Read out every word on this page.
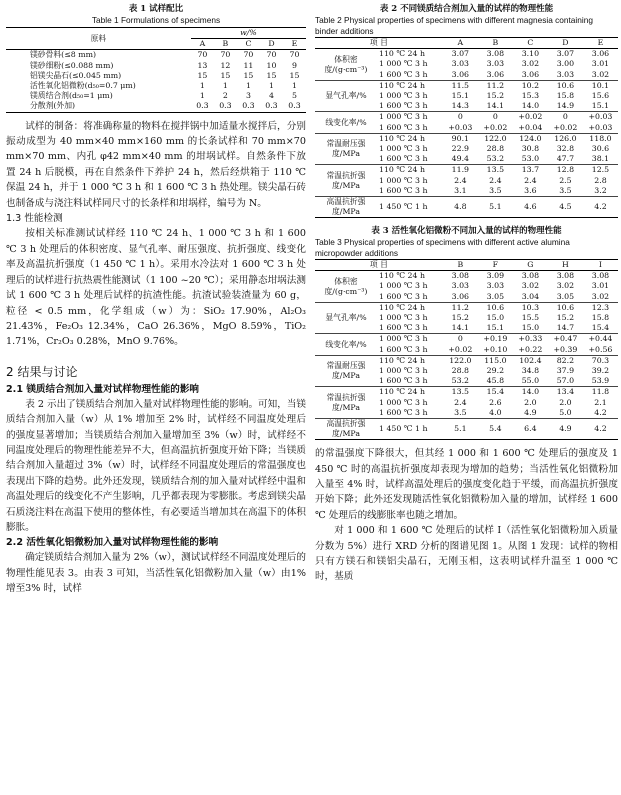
表 1 试样配比
Table 1 Formulations of specimens
原料	w/%				
	A	B	C	D	E
镁砂骨料(≤8 mm)	70	70	70	70	70
镁砂细粉(≤0.088 mm)	13	12	11	10	9
铝镁尖晶石(≤0.045 mm)	15	15	15	15	15
活性氧化铝微粉(d₅₀=0.7 μm)	1	1	1	1	1
镁质结合剂(d₅₀=1 μm)	1	2	3	4	5
分散剂(外加)	0.3	0.3	0.3	0.3	0.3

试样的制备：将准确称量的物料在搅拌锅中加适量水搅拌后，分别振动成型为 40 mm×40 mm×160 mm 的长条试样和 70 mm×70 mm×70 mm、内孔 φ42 mm×40 mm 的坩埚试样。自然条件下放置 24 h 后脱模，再在自然条件下养护 24 h，然后经烘箱于 110 ℃ 保温 24 h，并于 1 000 ℃ 3 h 和 1 600 ℃ 3 h 热处理。镁尖晶石砖也制备成与浇注料试样同尺寸的长条样和坩埚样，编号为 N。

1.3 性能检测

按相关标准测试试样经 110 ℃ 24 h、1 000 ℃ 3 h 和 1 600 ℃ 3 h 处理后的体积密度、显气孔率、耐压强度、抗折强度、线变化率及高温抗折强度（1 450 ℃ 1 h）。采用水冷法对 1 600 ℃ 3 h 处理后的试样进行抗热震性能测试（1 100 ~20 ℃）；采用静态坩埚法测试 1 600 ℃ 3 h 处理后试样的抗渣性能。抗渣试验装渣量为 60 g，粒径 < 0.5 mm，化学组成（w）为：SiO₂ 17.90%，Al₂O₃ 21.43%，Fe₂O₃ 12.34%，CaO 26.36%，MgO 8.59%，TiO₂ 1.71%，Cr₂O₃ 0.28%，MnO 9.76%。

2 结果与讨论

2.1 镁质结合剂加入量对试样物理性能的影响

表 2 示出了镁质结合剂加入量对试样物理性能的影响。可知，当镁质结合剂加入量（w）从 1% 增加至 2% 时，试样经不同温度处理后的强度显著增加；当镁质结合剂加入量增加至 3%（w）时，试样经不同温度处理后的物理性能差异不大，但高温抗折强度开始下降；当镁质结合剂加入量超过 3%（w）时，试样经不同温度处理后的常温强度也表现出下降的趋势。此外还发现，镁质结合剂的加入量对试样经中温和高温处理后的线变化不产生影响，几乎都表现为零膨胀。考虑到镁尖晶石质浇注料在高温下使用的整体性，有必要适当增加其在高温下的体积膨胀。

2.2 活性氧化铝微粉加入量对试样物理性能的影响

确定镁质结合剂加入量为 2%（w），测试试样经不同温度处理后的物理性能见表 3。由表 3 可知，当活性氧化铝微粉加入量（w）由1% 增至3% 时，试样

表 2 不同镁质结合剂加入量的试样的物理性能
Table 2 Physical properties of specimens with different magnesia containing binder additions
项 目		A	B	C	D	E
体积密度/(g·cm⁻³)	110 ℃ 24 h	3.07	3.08	3.10	3.07	3.06
	1 000 ℃ 3 h	3.03	3.03	3.02	3.00	3.01
	1 600 ℃ 3 h	3.06	3.06	3.06	3.03	3.02
显气孔率/%	110 ℃ 24 h	11.5	11.2	10.2	10.6	10.1
	1 000 ℃ 3 h	15.1	15.2	15.3	15.8	15.6
	1 600 ℃ 3 h	14.3	14.1	14.0	14.9	15.1
线变化率/%	1 000 ℃ 3 h	0	0	+0.02	0	+0.03
	1 600 ℃ 3 h	+0.03	+0.02	+0.04	+0.02	+0.03
常温耐压强度/MPa	110 ℃ 24 h	90.1	122.0	124.0	126.0	118.0
	1 000 ℃ 3 h	22.9	28.8	30.8	32.8	30.6
	1 600 ℃ 3 h	49.4	53.2	53.0	47.7	38.1
常温抗折强度/MPa	110 ℃ 24 h	11.9	13.5	13.7	12.8	12.5
	1 000 ℃ 3 h	2.4	2.4	2.4	2.5	2.8
	1 600 ℃ 3 h	3.1	3.5	3.6	3.5	3.2
高温抗折强度/MPa	1 450 ℃ 1 h	4.8	5.1	4.6	4.5	4.2
表 3 活性氧化铝微粉不同加入量的试样的物理性能
Table 3 Physical properties of specimens with different active alumina micropowder additions
项 目		B	F	G	H	I
体积密度/(g·cm⁻³)	110 ℃ 24 h	3.08	3.09	3.08	3.08	3.08
	1 000 ℃ 3 h	3.03	3.03	3.02	3.02	3.01
	1 600 ℃ 3 h	3.06	3.05	3.04	3.05	3.02
显气孔率/%	110 ℃ 24 h	11.2	10.6	10.3	10.6	12.3
	1 000 ℃ 3 h	15.2	15.0	15.5	15.2	15.8
	1 600 ℃ 3 h	14.1	15.1	15.0	14.7	15.4
线变化率/%	1 000 ℃ 3 h	0	+0.19	+0.33	+0.47	+0.44
	1 600 ℃ 3 h	+0.02	+0.10	+0.22	+0.39	+0.56
常温耐压强度/MPa	110 ℃ 24 h	122.0	115.0	102.4	82.2	70.3
	1 000 ℃ 3 h	28.8	29.2	34.8	37.9	39.2
	1 600 ℃ 3 h	53.2	45.8	55.0	57.0	53.9
常温抗折强度/MPa	110 ℃ 24 h	13.5	15.4	14.0	13.4	11.8
	1 000 ℃ 3 h	2.4	2.6	2.0	2.0	2.1
	1 600 ℃ 3 h	3.5	4.0	4.9	5.0	4.2
高温抗折强度/MPa	1 450 ℃ 1 h	5.1	5.4	6.4	4.9	4.2

的常温强度下降很大，但其经 1 000 和 1 600 ℃ 处理后的强度及 1 450 ℃ 时的高温抗折强度却表现为增加的趋势；当活性氧化铝微粉加入量至 4% 时，试样高温处理后的强度变化趋于平缓，而高温抗折强度开始下降；此外还发现随活性氧化铝微粉加入量的增加，试样经 1 600 ℃ 处理后的线膨胀率也随之增加。

对 1 000 和 1 600 ℃ 处理后的试样 I（活性氧化铝微粉加入质量分数为 5%）进行 XRD 分析的图谱见图 1。从图 1 发现：试样的物相只有方镁石和镁铝尖晶石，无刚玉相，这表明试样升温至 1 000 ℃ 时，基质
